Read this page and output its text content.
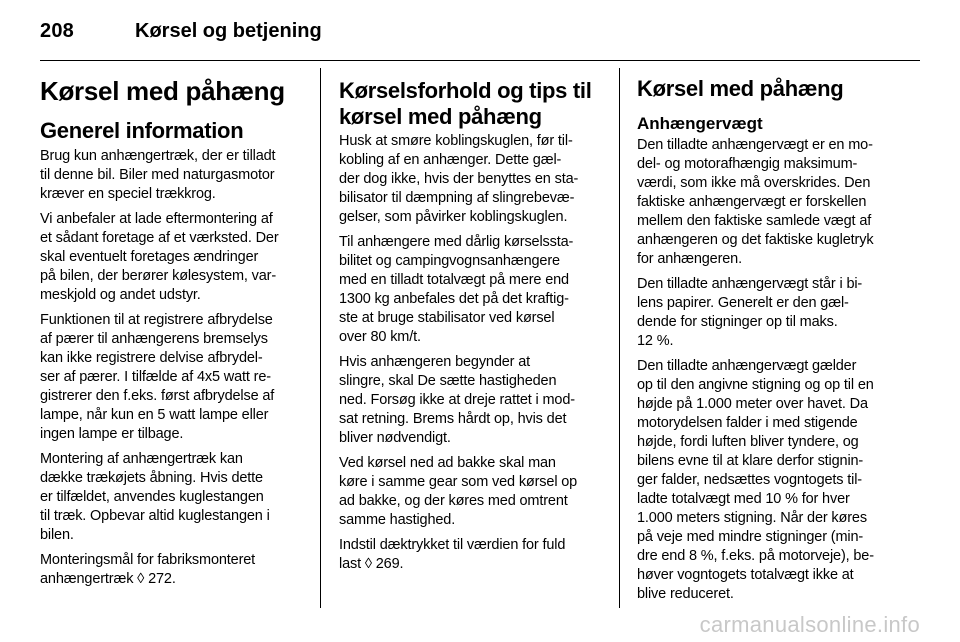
208	Kørsel og betjening
Kørsel med påhæng
Generel information

Brug kun anhængertræk, der er tilladt
til denne bil. Biler med naturgasmotor
kræver en speciel trækkrog.

Vi anbefaler at lade eftermontering af
et sådant foretage af et værksted. Der
skal eventuelt foretages ændringer
på bilen, der berører kølesystem, var-
meskjold og andet udstyr.

Funktionen til at registrere afbrydelse
af pærer til anhængerens bremselys
kan ikke registrere delvise afbrydel-
ser af pærer. I tilfælde af 4x5 watt re-
gistrerer den f.eks. først afbrydelse af
lampe, når kun en 5 watt lampe eller
ingen lampe er tilbage.

Montering af anhængertræk kan
dække trækøjets åbning. Hvis dette
er tilfældet, anvendes kuglestangen
til træk. Opbevar altid kuglestangen i
bilen.

Monteringsmål for fabriksmonteret
anhængertræk ◊ 272.

Kørselsforhold og tips til
kørsel med påhæng

Husk at smøre koblingskuglen, før til-
kobling af en anhænger. Dette gæl-
der dog ikke, hvis der benyttes en sta-
bilisator til dæmpning af slingrebevæ-
gelser, som påvirker koblingskuglen.

Til anhængere med dårlig kørselssta-
bilitet og campingvognsanhængere
med en tilladt totalvægt på mere end
1300 kg anbefales det på det kraftig-
ste at bruge stabilisator ved kørsel
over 80 km/t.

Hvis anhængeren begynder at
slingre, skal De sætte hastigheden
ned. Forsøg ikke at dreje rattet i mod-
sat retning. Brems hårdt op, hvis det
bliver nødvendigt.

Ved kørsel ned ad bakke skal man
køre i samme gear som ved kørsel op
ad bakke, og der køres med omtrent
samme hastighed.

Indstil dæktrykket til værdien for fuld
last ◊ 269.

Kørsel med påhæng
Anhængervægt

Den tilladte anhængervægt er en mo-
del- og motorafhængig maksimum-
værdi, som ikke må overskrides. Den
faktiske anhængervægt er forskellen
mellem den faktiske samlede vægt af
anhængeren og det faktiske kugletryk
for anhængeren.

Den tilladte anhængervægt står i bi-
lens papirer. Generelt er den gæl-
dende for stigninger op til maks.
12 %.

Den tilladte anhængervægt gælder
op til den angivne stigning og op til en
højde på 1.000 meter over havet. Da
motorydelsen falder i med stigende
højde, fordi luften bliver tyndere, og
bilens evne til at klare derfor stignin-
ger falder, nedsættes vogntogets til-
ladte totalvægt med 10 % for hver
1.000 meters stigning. Når der køres
på veje med mindre stigninger (min-
dre end 8 %, f.eks. på motorveje), be-
høver vogntogets totalvægt ikke at
blive reduceret.

carmanualsonline.info
